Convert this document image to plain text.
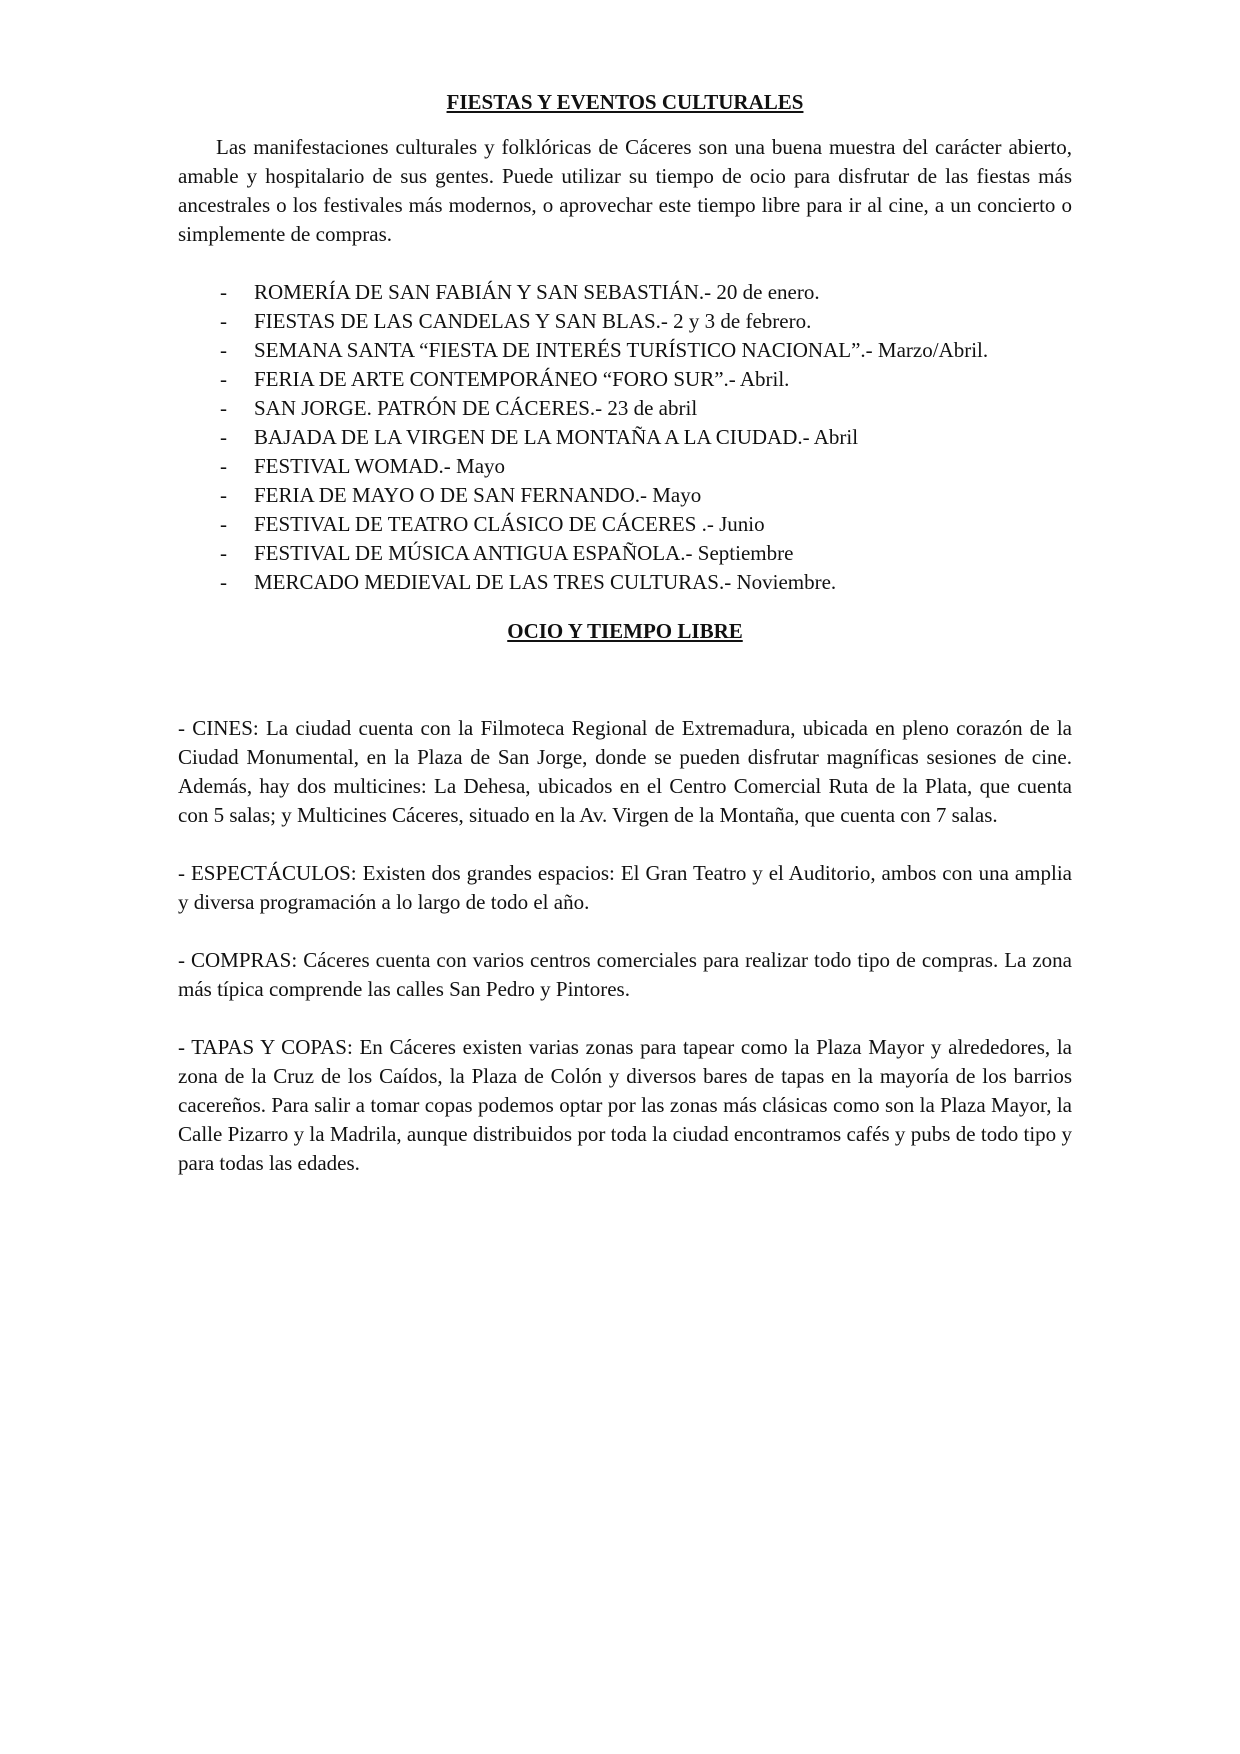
FIESTAS Y EVENTOS CULTURALES

Las manifestaciones culturales y folklóricas de Cáceres son una buena muestra del carácter abierto, amable y hospitalario de sus gentes. Puede utilizar su tiempo de ocio para disfrutar de las fiestas más ancestrales o los festivales más modernos, o aprovechar este tiempo libre para ir al cine, a un concierto o simplemente de compras.

- ROMERÍA DE SAN FABIÁN Y SAN SEBASTIÁN.- 20 de enero.
- FIESTAS DE LAS CANDELAS Y SAN BLAS.- 2 y 3 de febrero.
- SEMANA SANTA “FIESTA DE INTERÉS TURÍSTICO NACIONAL”.- Marzo/Abril.
- FERIA DE ARTE CONTEMPORÁNEO “FORO SUR”.- Abril.
- SAN JORGE. PATRÓN DE CÁCERES.- 23 de abril
- BAJADA DE LA VIRGEN DE LA MONTAÑA A LA CIUDAD.- Abril
- FESTIVAL WOMAD.- Mayo
- FERIA DE MAYO O DE SAN FERNANDO.- Mayo
- FESTIVAL DE TEATRO CLÁSICO DE CÁCERES .- Junio
- FESTIVAL DE MÚSICA ANTIGUA ESPAÑOLA.- Septiembre
- MERCADO MEDIEVAL DE LAS TRES CULTURAS.- Noviembre.
OCIO Y TIEMPO LIBRE

- CINES: La ciudad cuenta con la Filmoteca Regional de Extremadura, ubicada en pleno corazón de la Ciudad Monumental, en la Plaza de San Jorge, donde se pueden disfrutar magníficas sesiones de cine. Además, hay dos multicines: La Dehesa, ubicados en el Centro Comercial Ruta de la Plata, que cuenta con 5 salas; y Multicines Cáceres, situado en la Av. Virgen de la Montaña, que cuenta con 7 salas.

- ESPECTÁCULOS: Existen dos grandes espacios: El Gran Teatro y el Auditorio, ambos con una amplia y diversa programación a lo largo de todo el año.

- COMPRAS: Cáceres cuenta con varios centros comerciales para realizar todo tipo de compras. La zona más típica comprende las calles San Pedro y Pintores.

- TAPAS Y COPAS: En Cáceres existen varias zonas para tapear como la Plaza Mayor y alrededores, la zona de la Cruz de los Caídos, la Plaza de Colón y diversos bares de tapas en la mayoría de los barrios cacereños. Para salir a tomar copas podemos optar por las zonas más clásicas como son la Plaza Mayor, la Calle Pizarro y la Madrila, aunque distribuidos por toda la ciudad encontramos cafés y pubs de todo tipo y para todas las edades.
